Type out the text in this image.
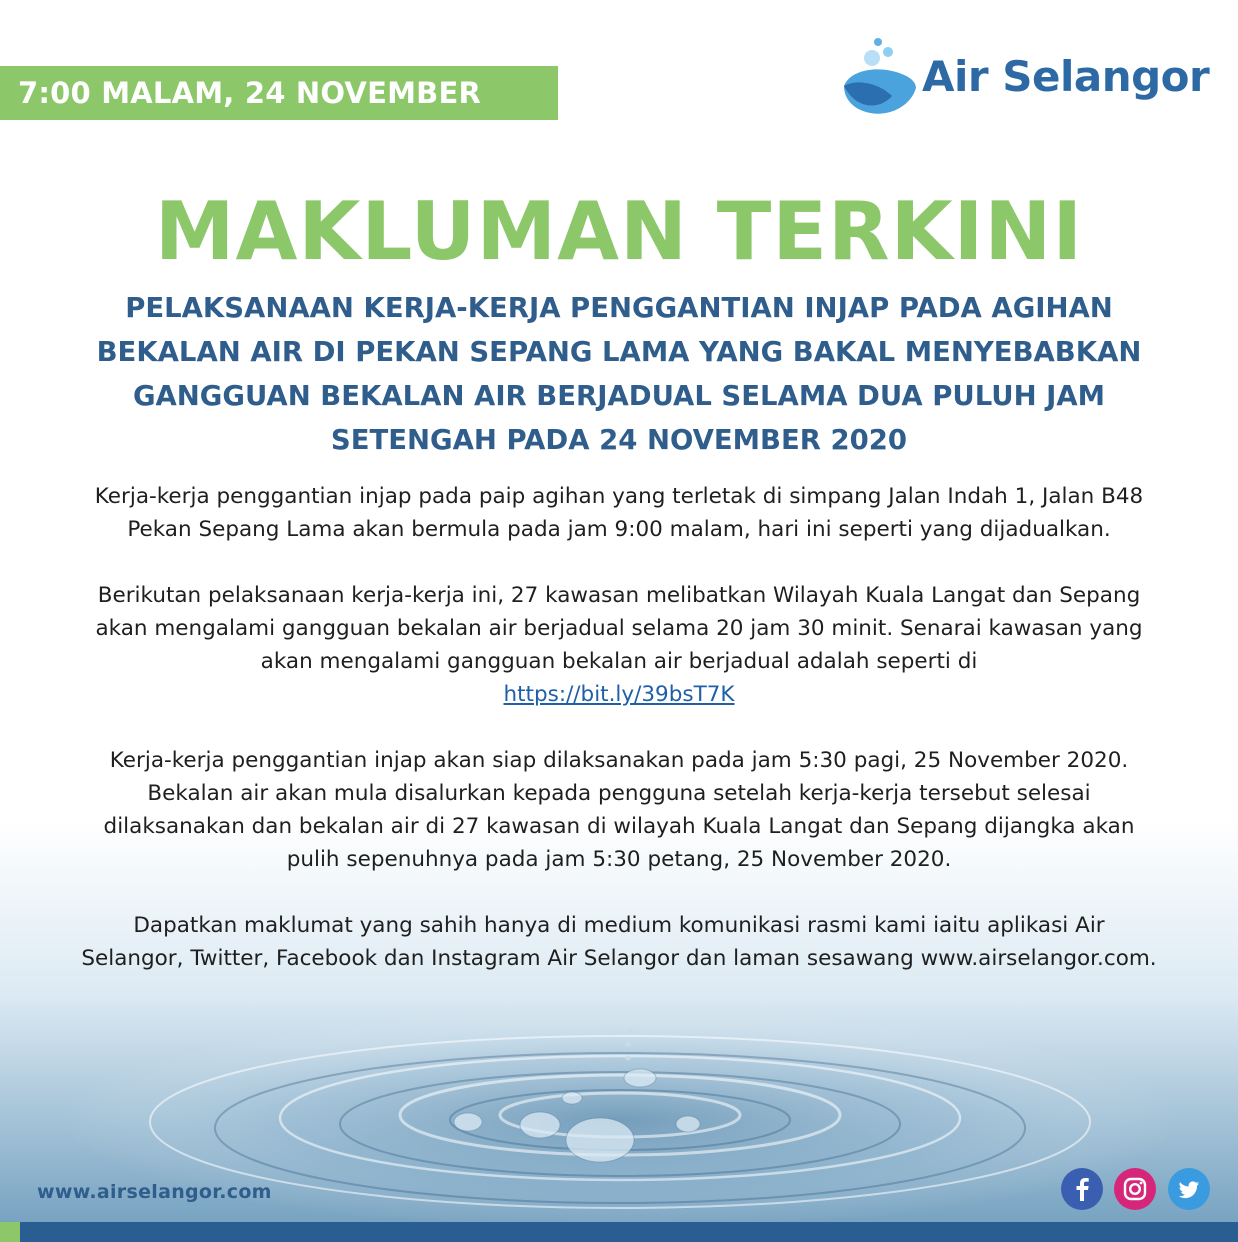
7:00 MALAM, 24 NOVEMBER 2020
Air Selangor
MAKLUMAN TERKINI
PELAKSANAAN KERJA-KERJA PENGGANTIAN INJAP PADA AGIHAN
BEKALAN AIR DI PEKAN SEPANG LAMA YANG BAKAL MENYEBABKAN
GANGGUAN BEKALAN AIR BERJADUAL SELAMA DUA PULUH JAM
SETENGAH PADA 24 NOVEMBER 2020

Kerja-kerja penggantian injap pada paip agihan yang terletak di simpang Jalan Indah 1, Jalan B48 Pekan Sepang Lama akan bermula pada jam 9:00 malam, hari ini seperti yang dijadualkan.

Berikutan pelaksanaan kerja-kerja ini, 27 kawasan melibatkan Wilayah Kuala Langat dan Sepang akan mengalami gangguan bekalan air berjadual selama 20 jam 30 minit. Senarai kawasan yang akan mengalami gangguan bekalan air berjadual adalah seperti di
https://bit.ly/39bsT7K

Kerja-kerja penggantian injap akan siap dilaksanakan pada jam 5:30 pagi, 25 November 2020. Bekalan air akan mula disalurkan kepada pengguna setelah kerja-kerja tersebut selesai dilaksanakan dan bekalan air di 27 kawasan di wilayah Kuala Langat dan Sepang dijangka akan pulih sepenuhnya pada jam 5:30 petang, 25 November 2020.

Dapatkan maklumat yang sahih hanya di medium komunikasi rasmi kami iaitu aplikasi Air Selangor, Twitter, Facebook dan Instagram Air Selangor dan laman sesawang www.airselangor.com.

www.airselangor.com
